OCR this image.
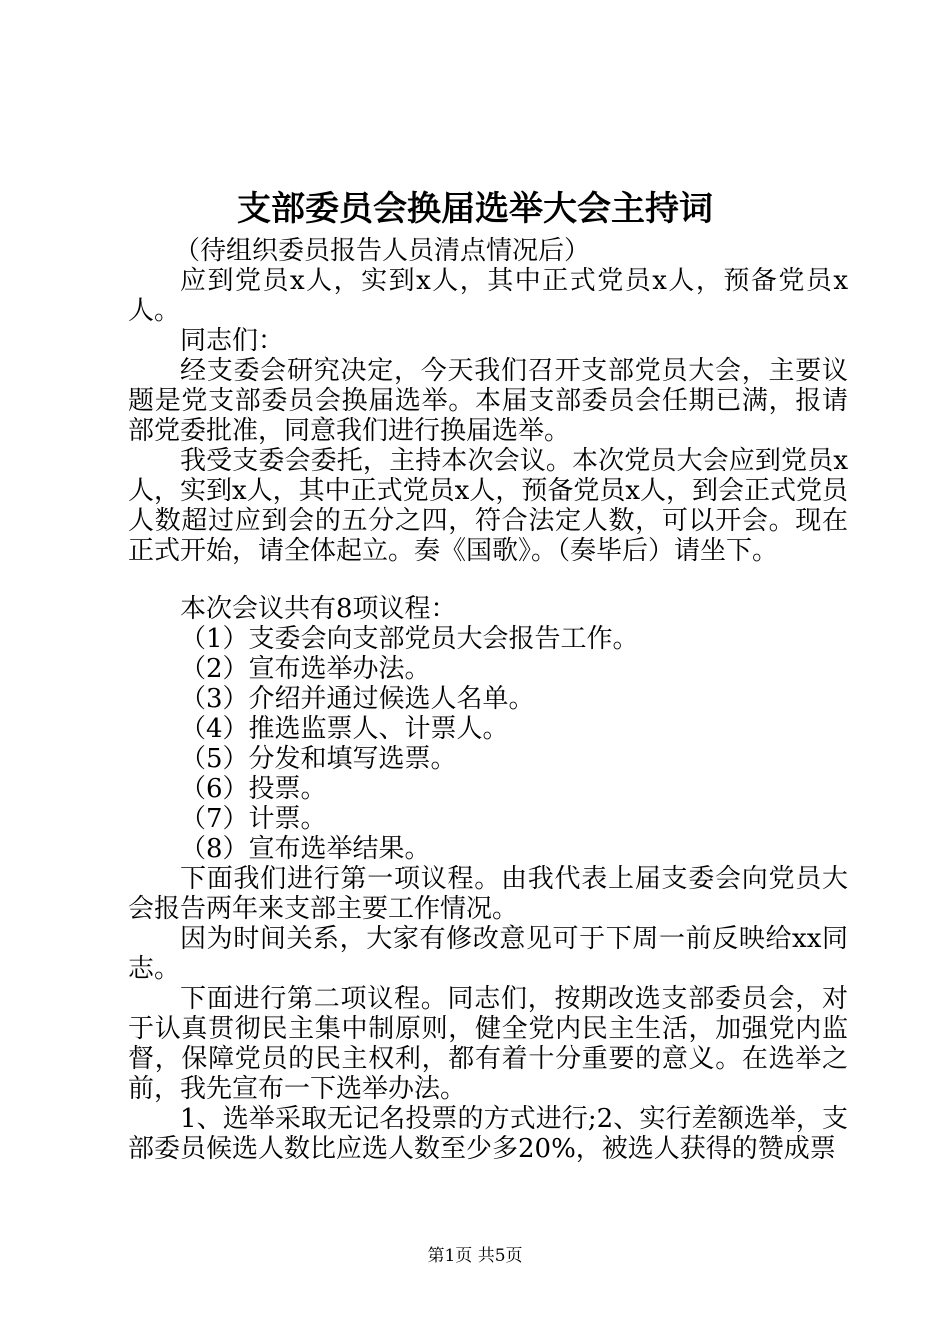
支部委员会换届选举大会主持词

（待组织委员报告人员清点情况后）

应到党员x人，实到x人，其中正式党员x人，预备党员x人。

同志们：

经支委会研究决定，今天我们召开支部党员大会，主要议题是党支部委员会换届选举。本届支部委员会任期已满，报请部党委批准，同意我们进行换届选举。

我受支委会委托，主持本次会议。本次党员大会应到党员x人，实到x人，其中正式党员x人，预备党员x人，到会正式党员人数超过应到会的五分之四，符合法定人数，可以开会。现在正式开始，请全体起立。奏《国歌》。（奏毕后）请坐下。

本次会议共有8项议程：

（1）支委会向支部党员大会报告工作。

（2）宣布选举办法。

（3）介绍并通过候选人名单。

（4）推选监票人、计票人。

（5）分发和填写选票。

（6）投票。

（7）计票。

（8）宣布选举结果。

下面我们进行第一项议程。由我代表上届支委会向党员大会报告两年来支部主要工作情况。

因为时间关系，大家有修改意见可于下周一前反映给xx同志。

下面进行第二项议程。同志们，按期改选支部委员会，对于认真贯彻民主集中制原则，健全党内民主生活，加强党内监督，保障党员的民主权利，都有着十分重要的意义。在选举之前，我先宣布一下选举办法。

1、选举采取无记名投票的方式进行;2、实行差额选举，支部委员候选人数比应选人数至少多20%，被选人获得的赞成票

第1页 共5页
